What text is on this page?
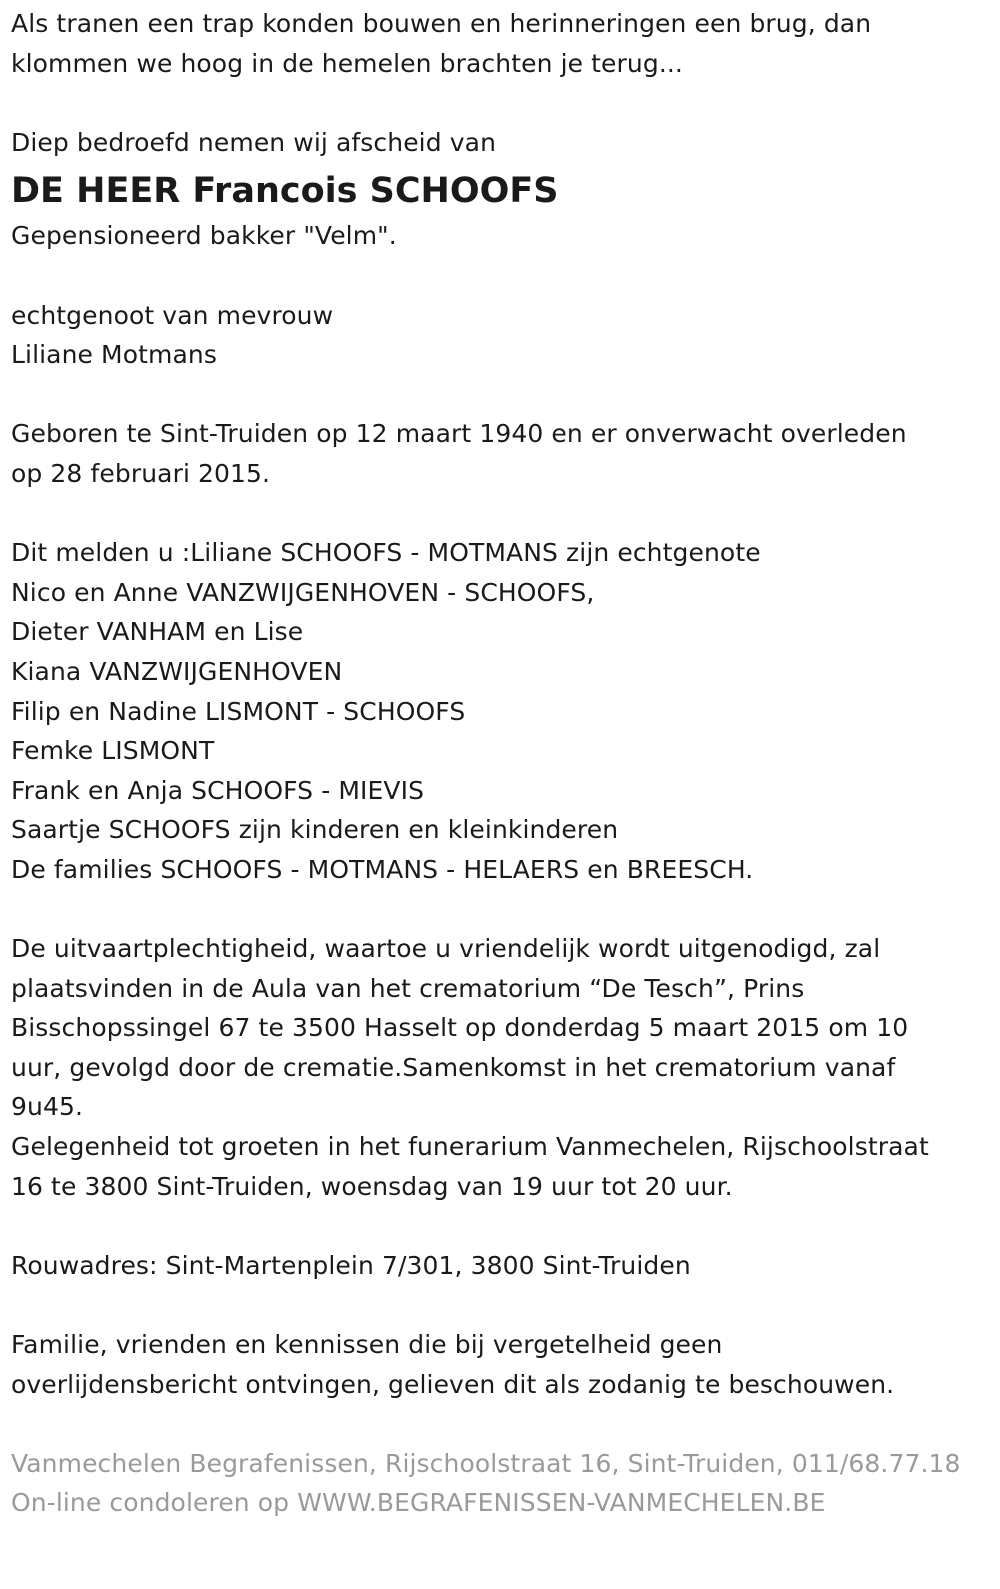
Als tranen een trap konden bouwen en herinneringen een brug, dan
klommen we hoog in de hemelen brachten je terug...
Diep bedroefd nemen wij afscheid van
DE HEER Francois SCHOOFS
Gepensioneerd bakker "Velm".
echtgenoot van mevrouw
Liliane Motmans
Geboren te Sint-Truiden op 12 maart 1940 en er onverwacht overleden
op 28 februari 2015.
Dit melden u :Liliane SCHOOFS - MOTMANS zijn echtgenote
Nico en Anne VANZWIJGENHOVEN - SCHOOFS,
Dieter VANHAM en Lise
Kiana VANZWIJGENHOVEN
Filip en Nadine LISMONT - SCHOOFS
Femke LISMONT
Frank en Anja SCHOOFS - MIEVIS
Saartje SCHOOFS zijn kinderen en kleinkinderen
De families SCHOOFS - MOTMANS - HELAERS en BREESCH.
De uitvaartplechtigheid, waartoe u vriendelijk wordt uitgenodigd, zal
plaatsvinden in de Aula van het crematorium “De Tesch”, Prins
Bisschopssingel 67 te 3500 Hasselt op donderdag 5 maart 2015 om 10
uur, gevolgd door de crematie.Samenkomst in het crematorium vanaf
9u45.
Gelegenheid tot groeten in het funerarium Vanmechelen, Rijschoolstraat
16 te 3800 Sint-Truiden, woensdag van 19 uur tot 20 uur.
Rouwadres: Sint-Martenplein 7/301, 3800 Sint-Truiden
Familie, vrienden en kennissen die bij vergetelheid geen
overlijdensbericht ontvingen, gelieven dit als zodanig te beschouwen.
Vanmechelen Begrafenissen, Rijschoolstraat 16, Sint-Truiden, 011/68.77.18
On-line condoleren op WWW.BEGRAFENISSEN-VANMECHELEN.BE
